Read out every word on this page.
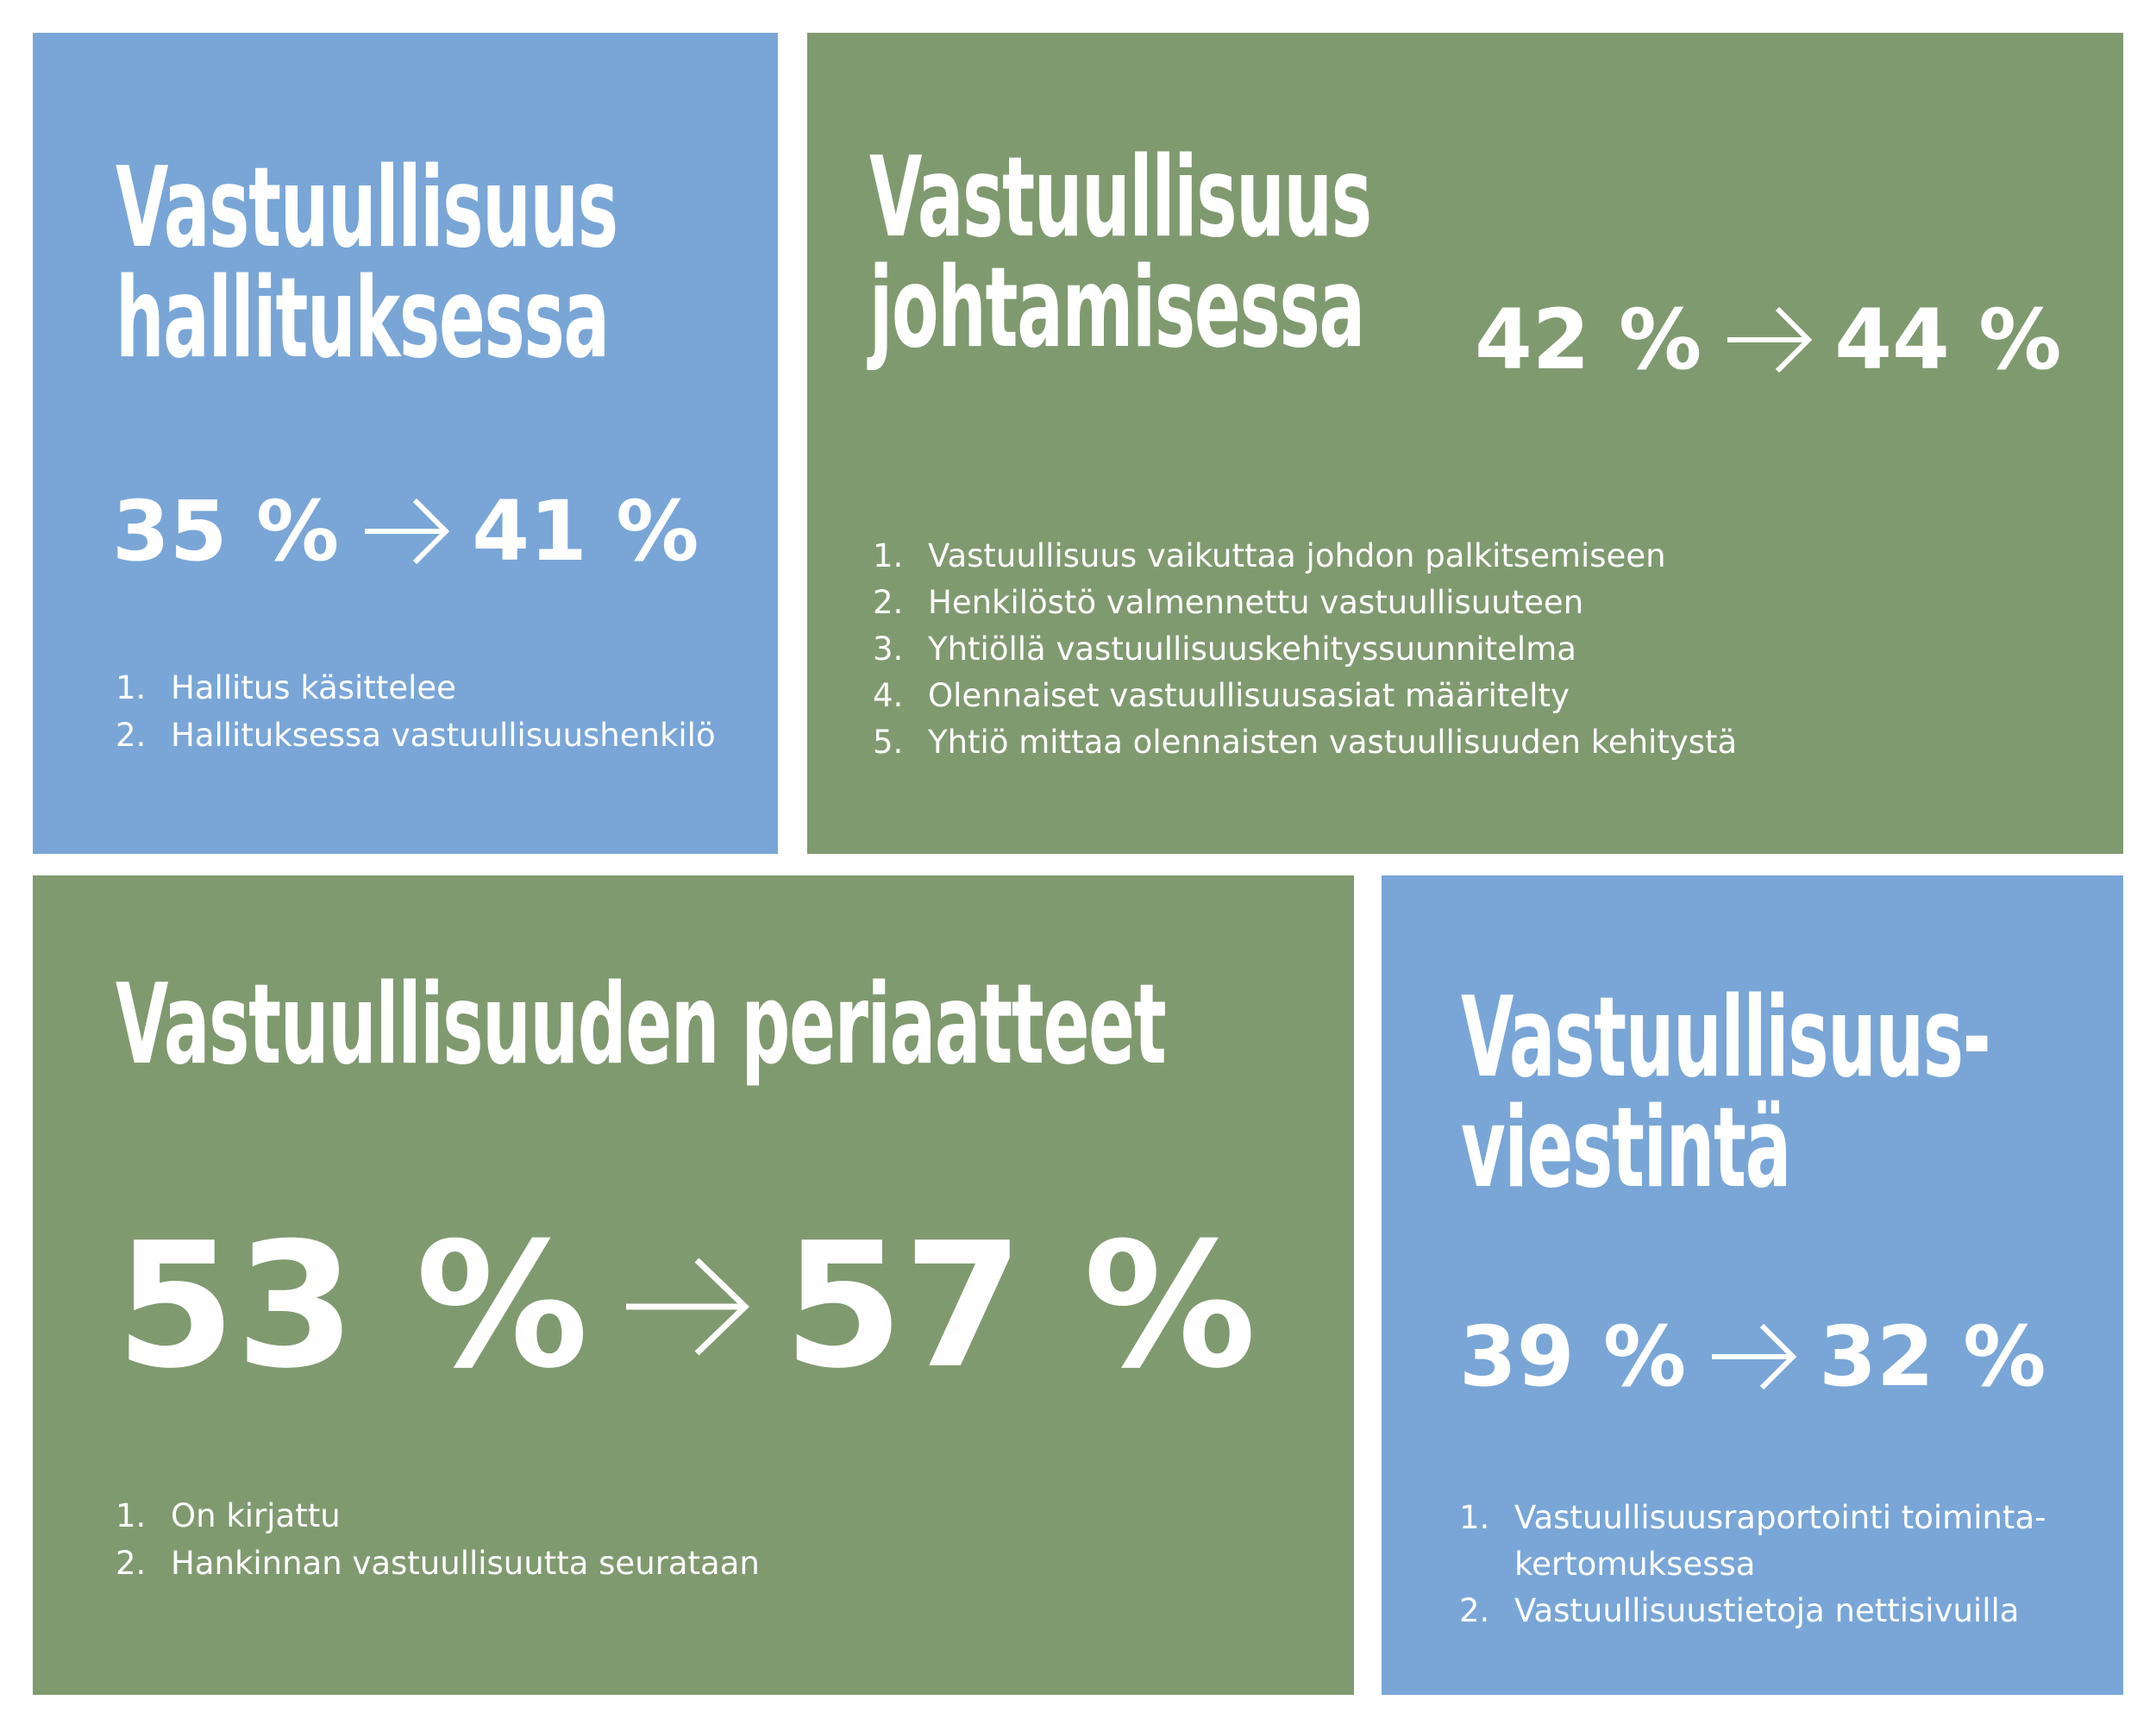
Vastuullisuus
hallituksessa
35 % 41 %
1. Hallitus käsittelee
2. Hallituksessa vastuullisuushenkilö
Vastuullisuus
johtamisessa 42 % 44 %
1. Vastuullisuus vaikuttaa johdon palkitsemiseen
2. Henkilöstö valmennettu vastuullisuuteen
3. Yhtiöllä vastuullisuuskehityssuunnitelma
4. Olennaiset vastuullisuusasiat määritelty
5. Yhtiö mittaa olennaisten vastuullisuuden kehitystä
Vastuullisuuden periaatteet
53 % 57 %
1. On kirjattu
2. Hankinnan vastuullisuutta seurataan
Vastuullisuus-
viestintä
39 % 32 %
1. Vastuullisuusraportointi toiminta-
kertomuksessa
2. Vastuullisuustietoja nettisivuilla
